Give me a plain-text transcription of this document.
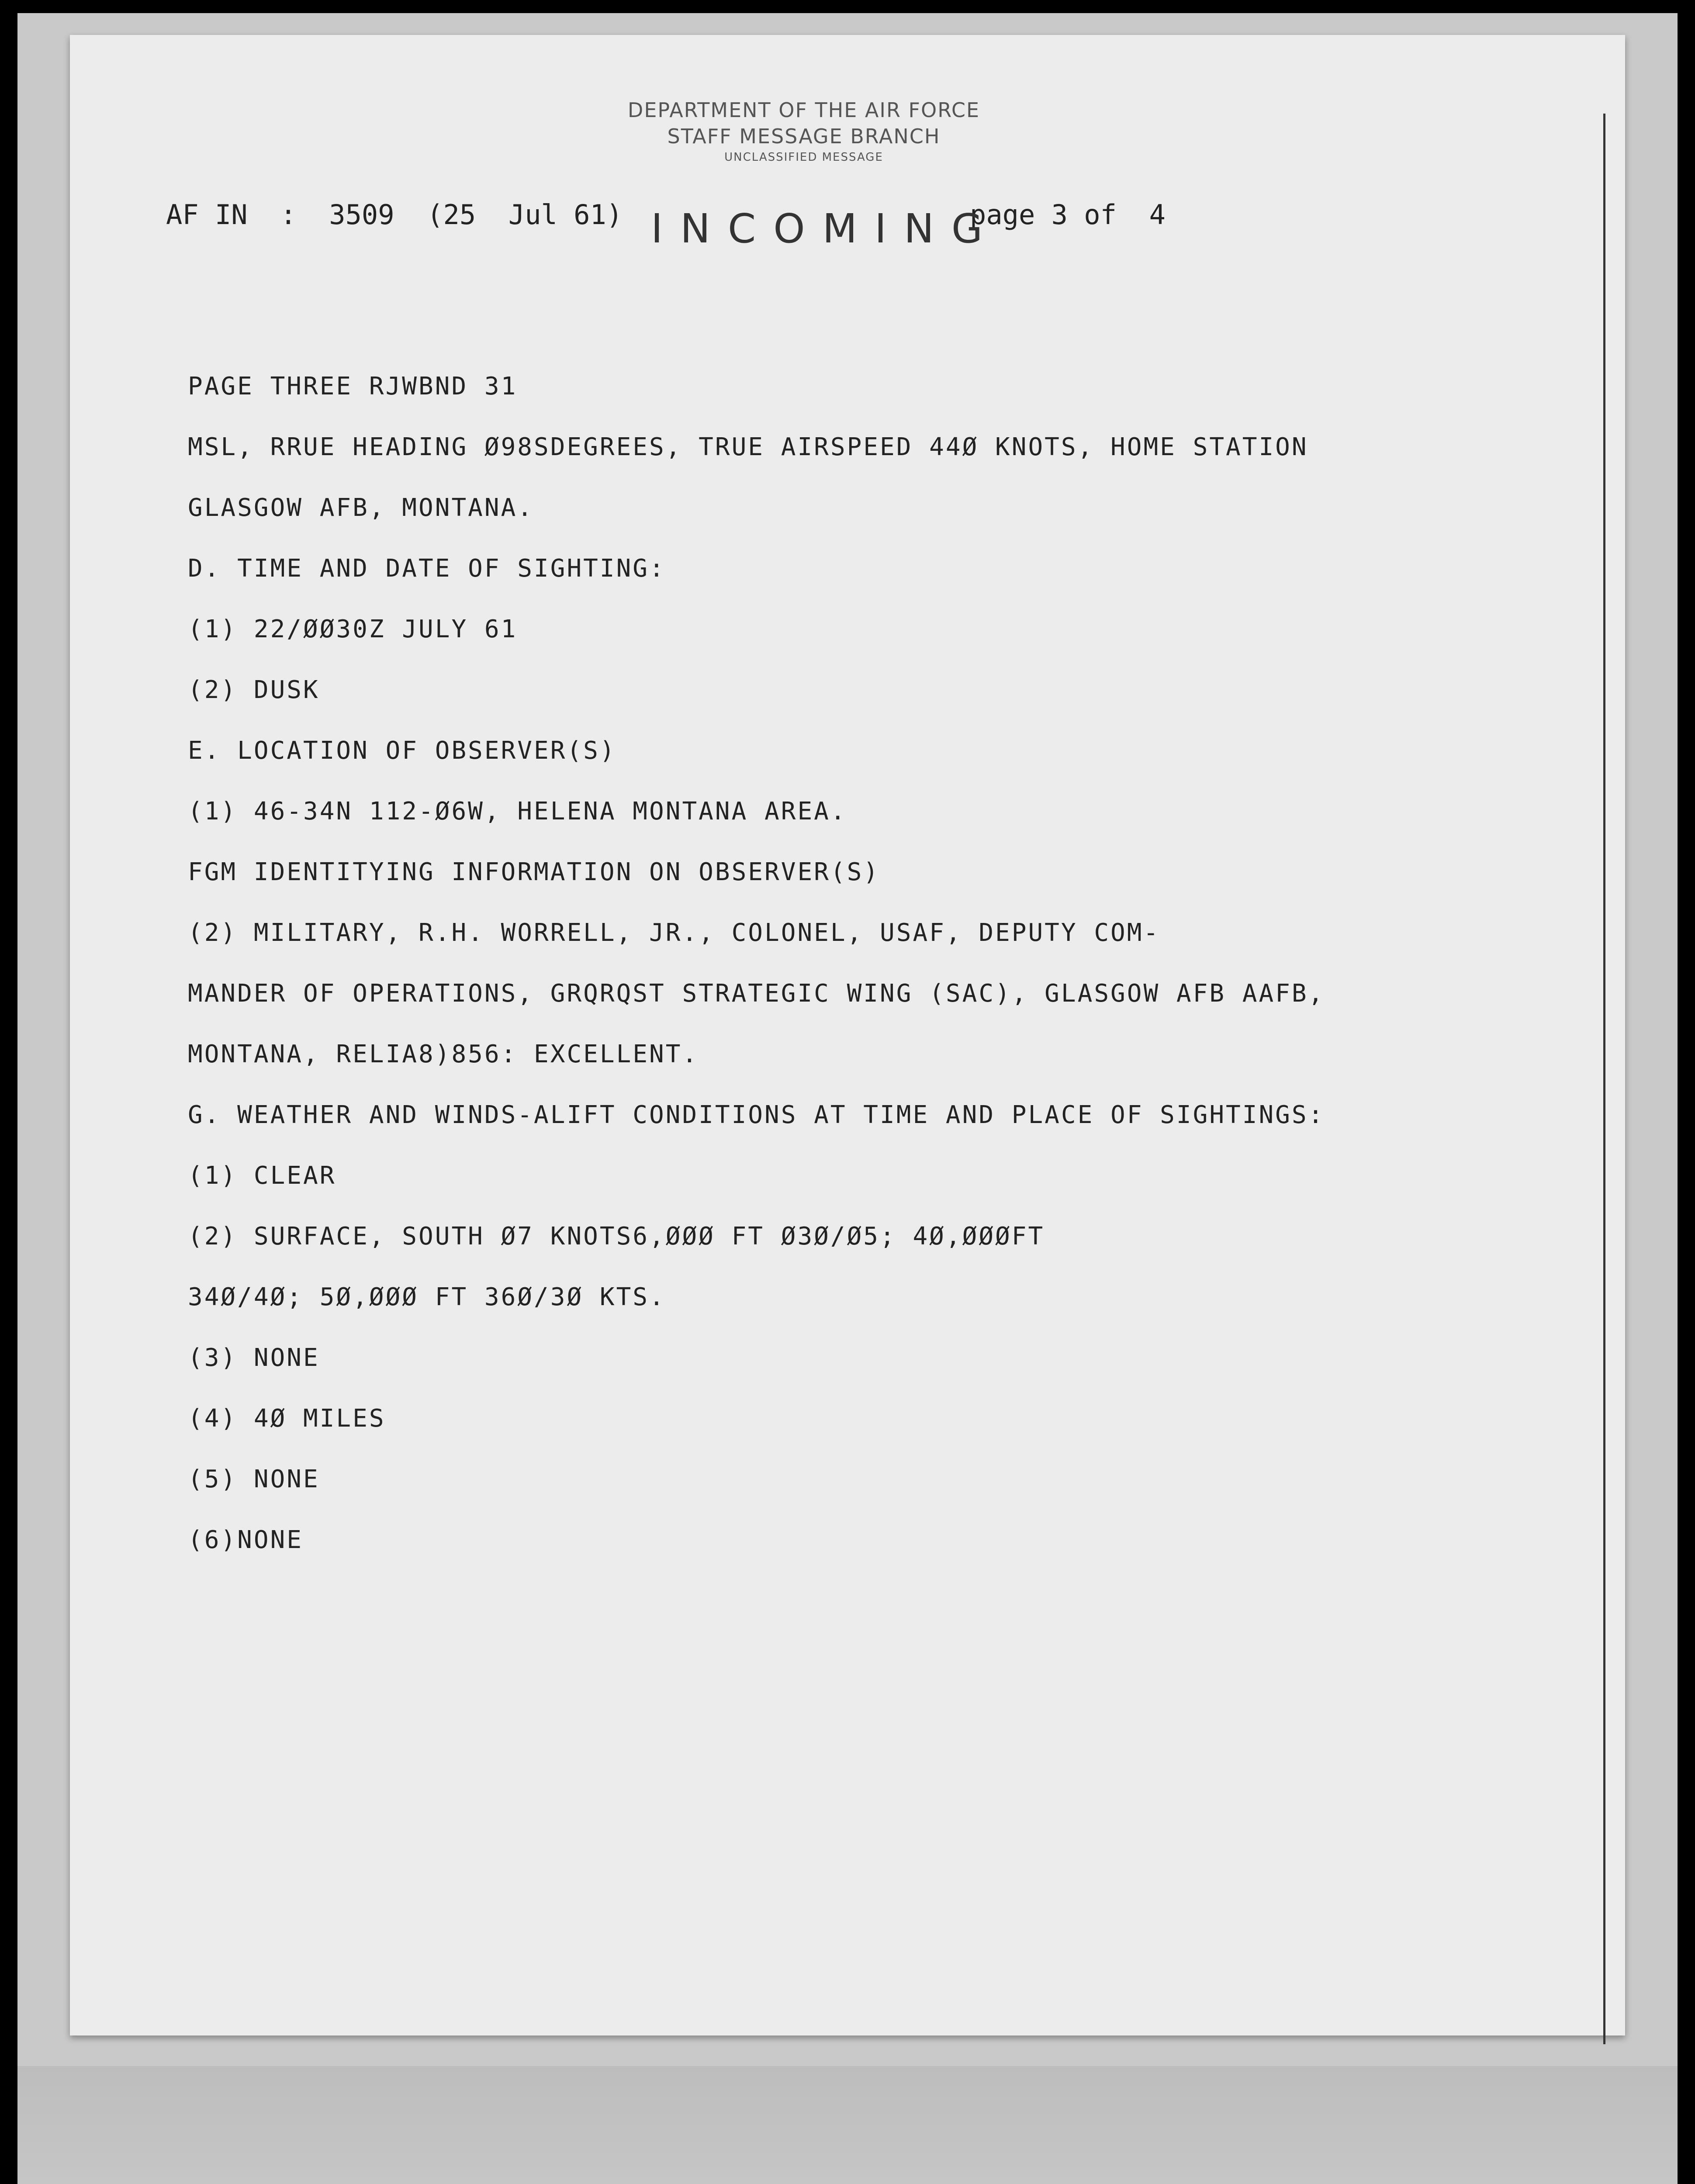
DEPARTMENT OF THE AIR FORCE
STAFF MESSAGE BRANCH
UNCLASSIFIED MESSAGE
AF IN  :  3509  (25  Jul 61)	page 3 of  4
INCOMING
PAGE THREE RJWBND 31
MSL, RRUE HEADING Ø98SDEGREES, TRUE AIRSPEED 44Ø KNOTS, HOME STATION
GLASGOW AFB, MONTANA.
D. TIME AND DATE OF SIGHTING:
(1) 22/ØØ30Z JULY 61
(2) DUSK
E. LOCATION OF OBSERVER(S)
(1) 46-34N 112-Ø6W, HELENA MONTANA AREA.
FGM IDENTITYING INFORMATION ON OBSERVER(S)
(2) MILITARY, R.H. WORRELL, JR., COLONEL, USAF, DEPUTY COM-
MANDER OF OPERATIONS, GRQRQST STRATEGIC WING (SAC), GLASGOW AFB AAFB,
MONTANA, RELIA8)856: EXCELLENT.
G. WEATHER AND WINDS-ALIFT CONDITIONS AT TIME AND PLACE OF SIGHTINGS:
(1) CLEAR
(2) SURFACE, SOUTH Ø7 KNOTS6,ØØØ FT Ø3Ø/Ø5; 4Ø,ØØØFT
34Ø/4Ø; 5Ø,ØØØ FT 36Ø/3Ø KTS.
(3) NONE
(4) 4Ø MILES
(5) NONE
(6)NONE
